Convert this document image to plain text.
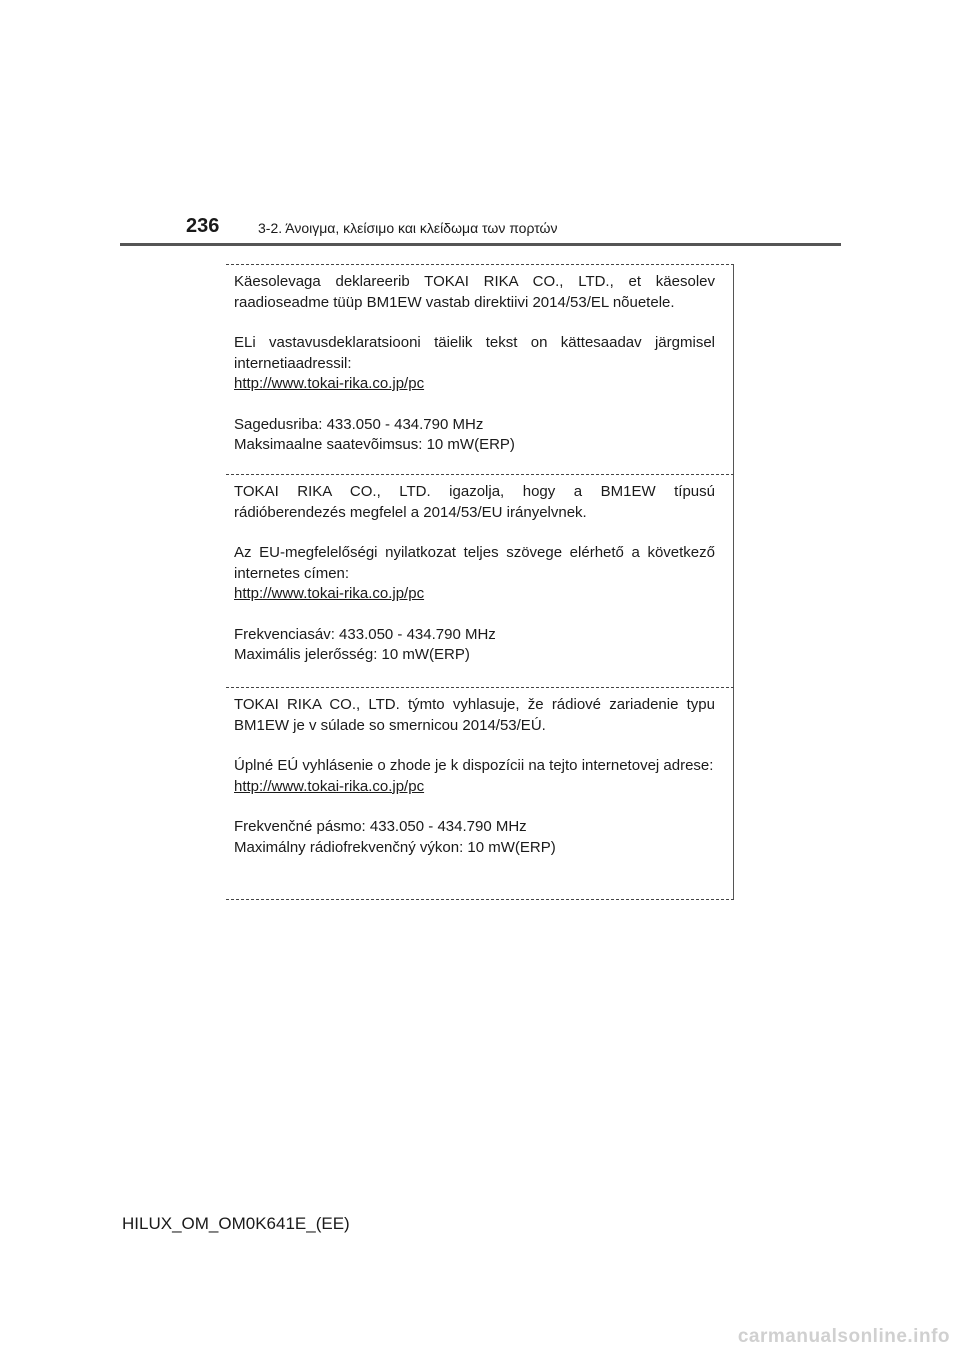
236	3-2. Άνοιγμα, κλείσιμο και κλείδωμα των πορτών

Käesolevaga deklareerib TOKAI RIKA CO., LTD., et käesolev raadioseadme tüüp BM1EW vastab direktiivi 2014/53/EL nõuetele.

ELi vastavusdeklaratsiooni täielik tekst on kättesaadav järgmisel internetiaadressil:

http://www.tokai-rika.co.jp/pc

Sagedusriba: 433.050 - 434.790 MHz

Maksimaalne saatevõimsus: 10 mW(ERP)

TOKAI RIKA CO., LTD. igazolja, hogy a BM1EW típusú rádióberendezés megfelel a 2014/53/EU irányelvnek.

Az EU-megfelelőségi nyilatkozat teljes szövege elérhető a következő internetes címen:

http://www.tokai-rika.co.jp/pc

Frekvenciasáv: 433.050 - 434.790 MHz

Maximális jelerősség: 10 mW(ERP)

TOKAI RIKA CO., LTD. týmto vyhlasuje, že rádiové zariadenie typu BM1EW je v súlade so smernicou 2014/53/EÚ.

Úplné EÚ vyhlásenie o zhode je k dispozícii na tejto internetovej adrese:

http://www.tokai-rika.co.jp/pc

Frekvenčné pásmo: 433.050 - 434.790 MHz

Maximálny rádiofrekvenčný výkon: 10 mW(ERP)

HILUX_OM_OM0K641E_(EE)
carmanualsonline.info
